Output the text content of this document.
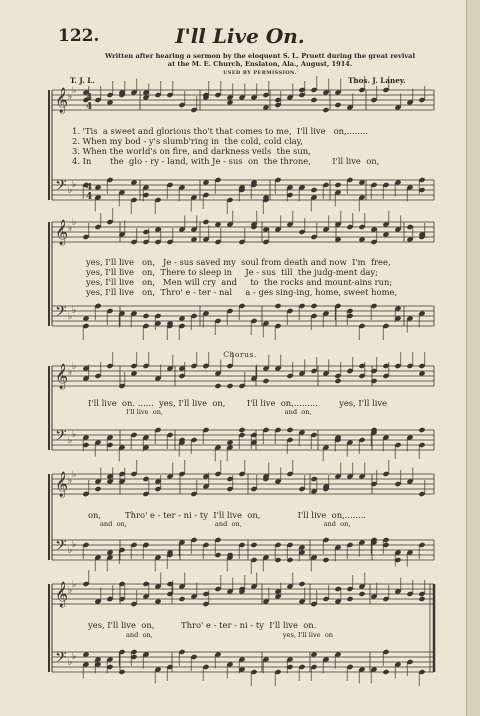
122.	I'll Live On.
Written after hearing a sermon by the eloquent S. L. Pruett during the great revival
at the M. E. Church, Enslaton, Ala., August, 1914.
USED BY PERMISSION.
T. J. L.	Thos. J. Laney.
𝄞
𝄢
♭
♭
♭
♭
𝄞
𝄢
♭
♭
♭
♭
𝄞
𝄢
♭
♭
♭
♭
𝄞
𝄢
♭
♭
♭
♭
𝄞
𝄢
♭
♭
♭
♭
4
4
4
4
1. 'Tis  a sweet and glorious tho't that comes to me,  I'll live   on,........
2. When my bod - y's slumb'ring in  the cold, cold clay,
3. When the world's on fire, and darkness veils  the sun,
4. In       the  glo - ry - land, with Je - sus  on  the throne,        I'll live  on,
yes, I'll live   on,   Je - sus saved my  soul from death and now  I'm  free,
yes, I'll live   on,  There to sleep in     Je - sus  till  the judg-ment day;
yes, I'll live   on,   Men will cry  and     to  the rocks and mount-ains run;
yes, I'll live   on,  Thro' e - ter - nal     a - ges sing-ing, home, sweet home,
Chorus.
I'll live  on. ......  yes, I'll live  on,        I'll live  on,.........        yes, I'll live
I'll live  on,                                                          and  on,
on,         Thro' e - ter - ni - ty  I'll live  on,              I'll live  on,........
and  on,                                          and  on,                                       and  on,
yes, I'll live  on,          Thro' e - ter - ni - ty  I'll live  on.
and  on,                                                              yes, I'll live  on
